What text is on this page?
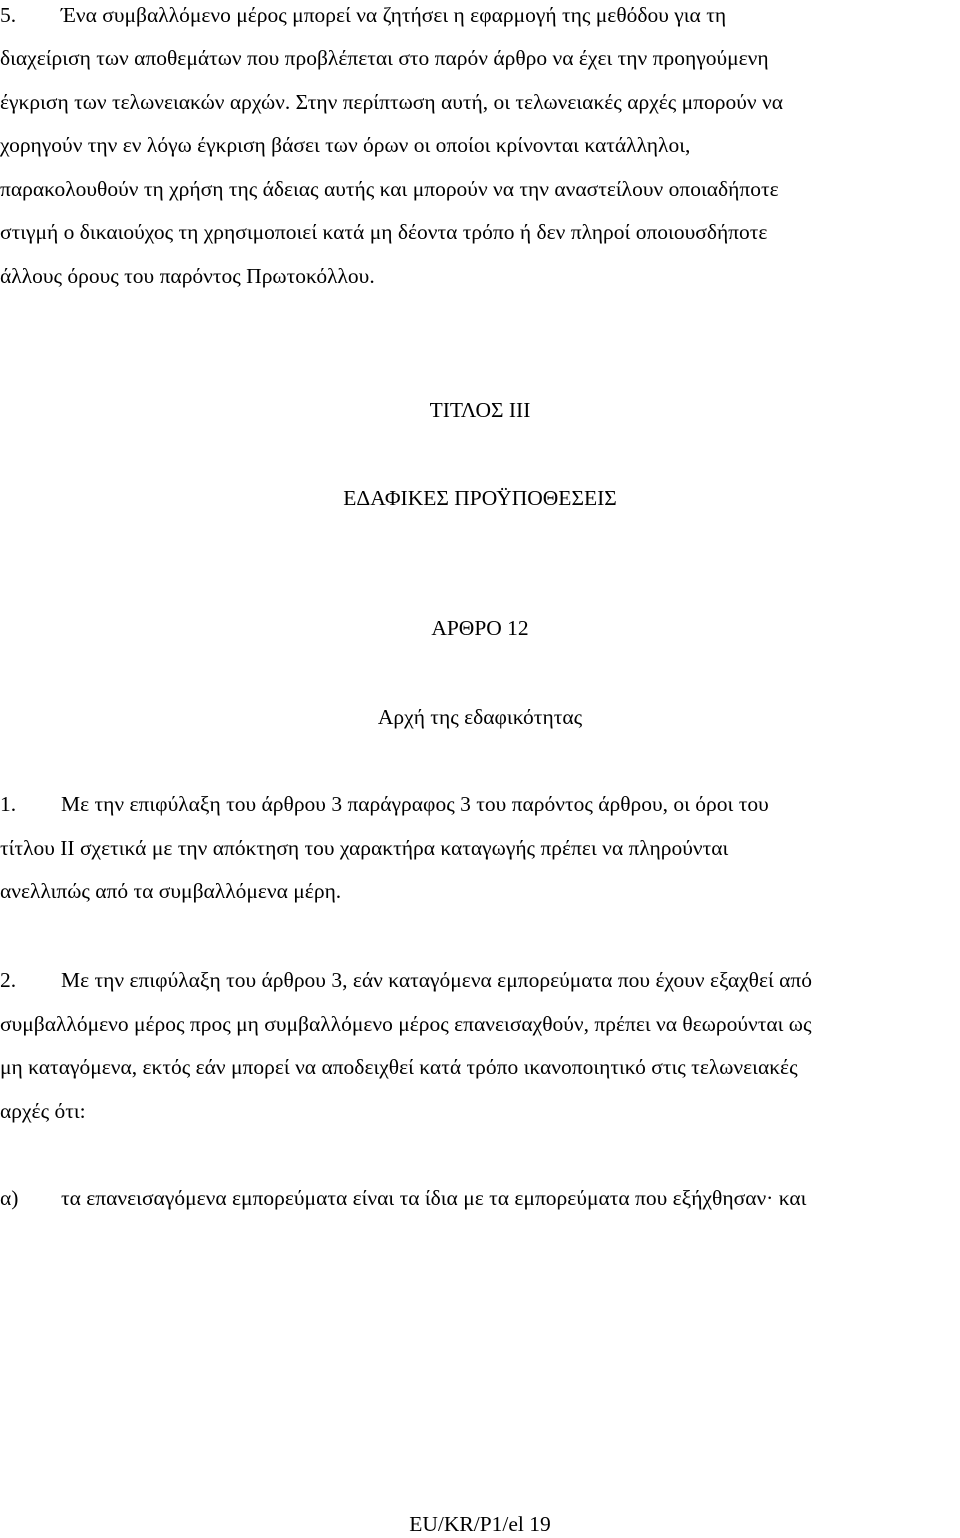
5. Ένα συμβαλλόμενο μέρος μπορεί να ζητήσει η εφαρμογή της μεθόδου για τη
διαχείριση των αποθεμάτων που προβλέπεται στο παρόν άρθρο να έχει την προηγούμενη
έγκριση των τελωνειακών αρχών. Στην περίπτωση αυτή, οι τελωνειακές αρχές μπορούν να
χορηγούν την εν λόγω έγκριση βάσει των όρων οι οποίοι κρίνονται κατάλληλοι,
παρακολουθούν τη χρήση της άδειας αυτής και μπορούν να την αναστείλουν οποιαδήποτε
στιγμή ο δικαιούχος τη χρησιμοποιεί κατά μη δέοντα τρόπο ή δεν πληροί οποιουσδήποτε
άλλους όρους του παρόντος Πρωτοκόλλου.
ΤΙΤΛΟΣ ΙΙΙ
ΕΔΑΦΙΚΕΣ ΠΡΟΫΠΟΘΕΣΕΙΣ
ΑΡΘΡΟ 12
Αρχή της εδαφικότητας
1. Με την επιφύλαξη του άρθρου 3 παράγραφος 3 του παρόντος άρθρου, οι όροι του
τίτλου ΙΙ σχετικά με την απόκτηση του χαρακτήρα καταγωγής πρέπει να πληρούνται
ανελλιπώς από τα συμβαλλόμενα μέρη.
2. Με την επιφύλαξη του άρθρου 3, εάν καταγόμενα εμπορεύματα που έχουν εξαχθεί από
συμβαλλόμενο μέρος προς μη συμβαλλόμενο μέρος επανεισαχθούν, πρέπει να θεωρούνται ως
μη καταγόμενα, εκτός εάν μπορεί να αποδειχθεί κατά τρόπο ικανοποιητικό στις τελωνειακές
αρχές ότι:
α) τα επανεισαγόμενα εμπορεύματα είναι τα ίδια με τα εμπορεύματα που εξήχθησαν· και
EU/KR/P1/el 19
